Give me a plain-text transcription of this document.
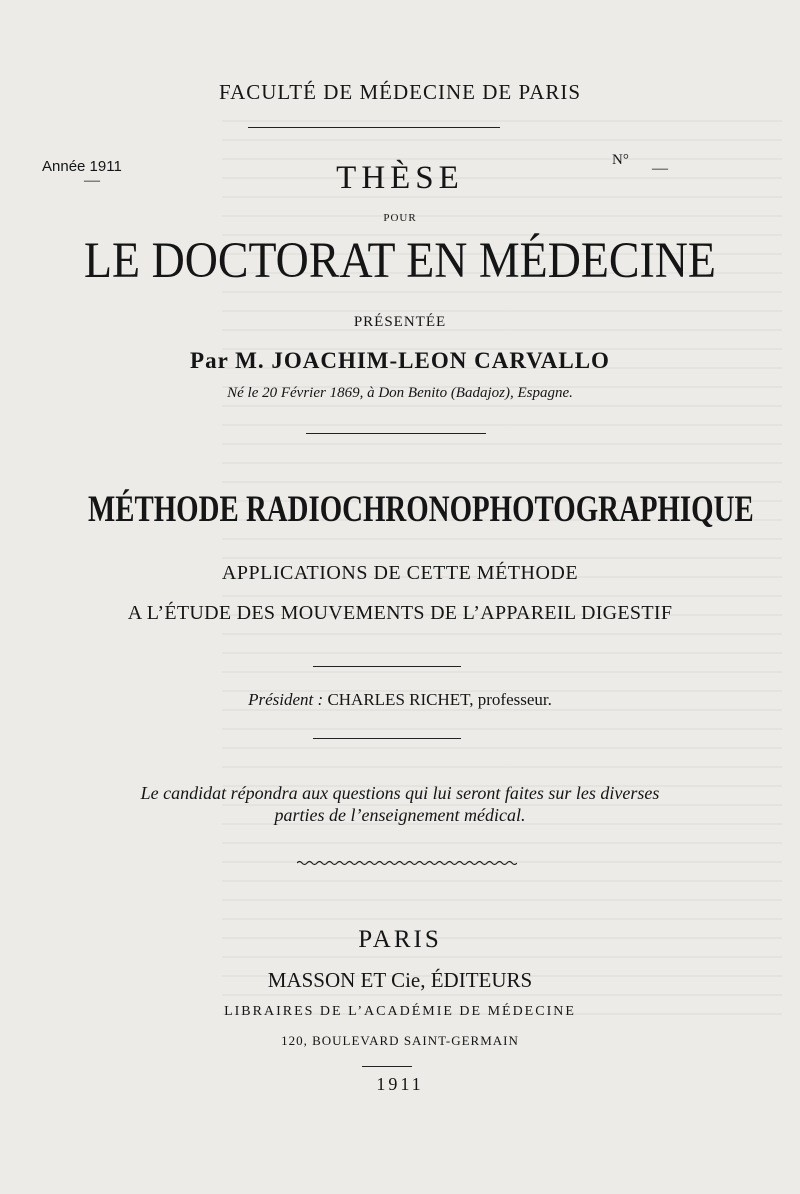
FACULTÉ DE MÉDECINE DE PARIS
Année 1911
—
N° —
THÈSE
POUR
LE DOCTORAT EN MÉDECINE
PRÉSENTÉE
Par M. JOACHIM-LEON CARVALLO
Né le 20 Février 1869, à Don Benito (Badajoz), Espagne.
MÉTHODE RADIOCHRONOPHOTOGRAPHIQUE
APPLICATIONS DE CETTE MÉTHODE
A L’ÉTUDE DES MOUVEMENTS DE L’APPAREIL DIGESTIF
Président : CHARLES RICHET, professeur.
Le candidat répondra aux questions qui lui seront faites sur les diverses
parties de l’enseignement médical.
PARIS
MASSON ET Cie, ÉDITEURS
LIBRAIRES DE L’ACADÉMIE DE MÉDECINE
120, BOULEVARD SAINT-GERMAIN
1911
